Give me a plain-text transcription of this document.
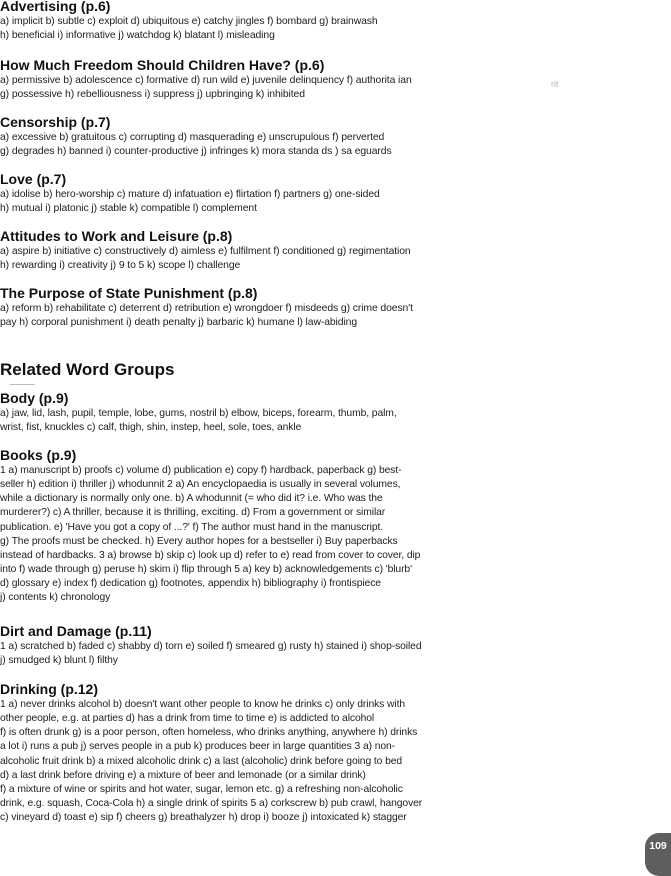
Advertising (p.6)
a) implicit b) subtle c) exploit d) ubiquitous e) catchy jingles f) bombard g) brainwash
h) beneficial i) informative j) watchdog k) blatant l) misleading
How Much Freedom Should Children Have? (p.6)
a) permissive b) adolescence c) formative d) run wild e) juvenile delinquency f) authorita ian
g) possessive h) rebelliousness i) suppress j) upbringing k) inhibited
Censorship (p.7)
a) excessive b) gratuitous c) corrupting d) masquerading e) unscrupulous f) perverted
g) degrades h) banned i) counter-productive j) infringes k) mora standa ds ) sa eguards
Love (p.7)
a) idolise b) hero-worship c) mature d) infatuation e) flirtation f) partners g) one-sided
h) mutual i) platonic j) stable k) compatible l) complement
Attitudes to Work and Leisure (p.8)
a) aspire b) initiative c) constructively d) aimless e) fulfilment f) conditioned g) regimentation
h) rewarding i) creativity j) 9 to 5 k) scope l) challenge
The Purpose of State Punishment (p.8)
a) reform b) rehabilitate c) deterrent d) retribution e) wrongdoer f) misdeeds g) crime doesn't
pay h) corporal punishment i) death penalty j) barbaric k) humane l) law-abiding
Related Word Groups
Body (p.9)
a) jaw, lid, lash, pupil, temple, lobe, gums, nostril b) elbow, biceps, forearm, thumb, palm,
wrist, fist, knuckles c) calf, thigh, shin, instep, heel, sole, toes, ankle
Books (p.9)
1 a) manuscript b) proofs c) volume d) publication e) copy f) hardback, paperback g) best-
seller h) edition i) thriller j) whodunnit 2 a) An encyclopaedia is usually in several volumes,
while a dictionary is normally only one. b) A whodunnit (= who did it? i.e. Who was the
murderer?) c) A thriller, because it is thrilling, exciting. d) From a government or similar
publication. e) 'Have you got a copy of ...?' f) The author must hand in the manuscript.
g) The proofs must be checked. h) Every author hopes for a bestseller i) Buy paperbacks
instead of hardbacks. 3 a) browse b) skip c) look up d) refer to e) read from cover to cover, dip
into f) wade through g) peruse h) skim i) flip through 5 a) key b) acknowledgements c) 'blurb'
d) glossary e) index f) dedication g) footnotes, appendix h) bibliography i) frontispiece
j) contents k) chronology
Dirt and Damage (p.11)
1 a) scratched b) faded c) shabby d) torn e) soiled f) smeared g) rusty h) stained i) shop-soiled
j) smudged k) blunt l) filthy
Drinking (p.12)
1 a) never drinks alcohol b) doesn't want other people to know he drinks c) only drinks with
other people, e.g. at parties d) has a drink from time to time e) is addicted to alcohol
f) is often drunk g) is a poor person, often homeless, who drinks anything, anywhere h) drinks
a lot i) runs a pub j) serves people in a pub k) produces beer in large quantities 3 a) non-
alcoholic fruit drink b) a mixed alcoholic drink c) a last (alcoholic) drink before going to bed
d) a last drink before driving e) a mixture of beer and lemonade (or a similar drink)
f) a mixture of wine or spirits and hot water, sugar, lemon etc. g) a refreshing non-alcoholic
drink, e.g. squash, Coca-Cola h) a single drink of spirits 5 a) corkscrew b) pub crawl, hangover
c) vineyard d) toast e) sip f) cheers g) breathalyzer h) drop i) booze j) intoxicated k) stagger
rit
109
